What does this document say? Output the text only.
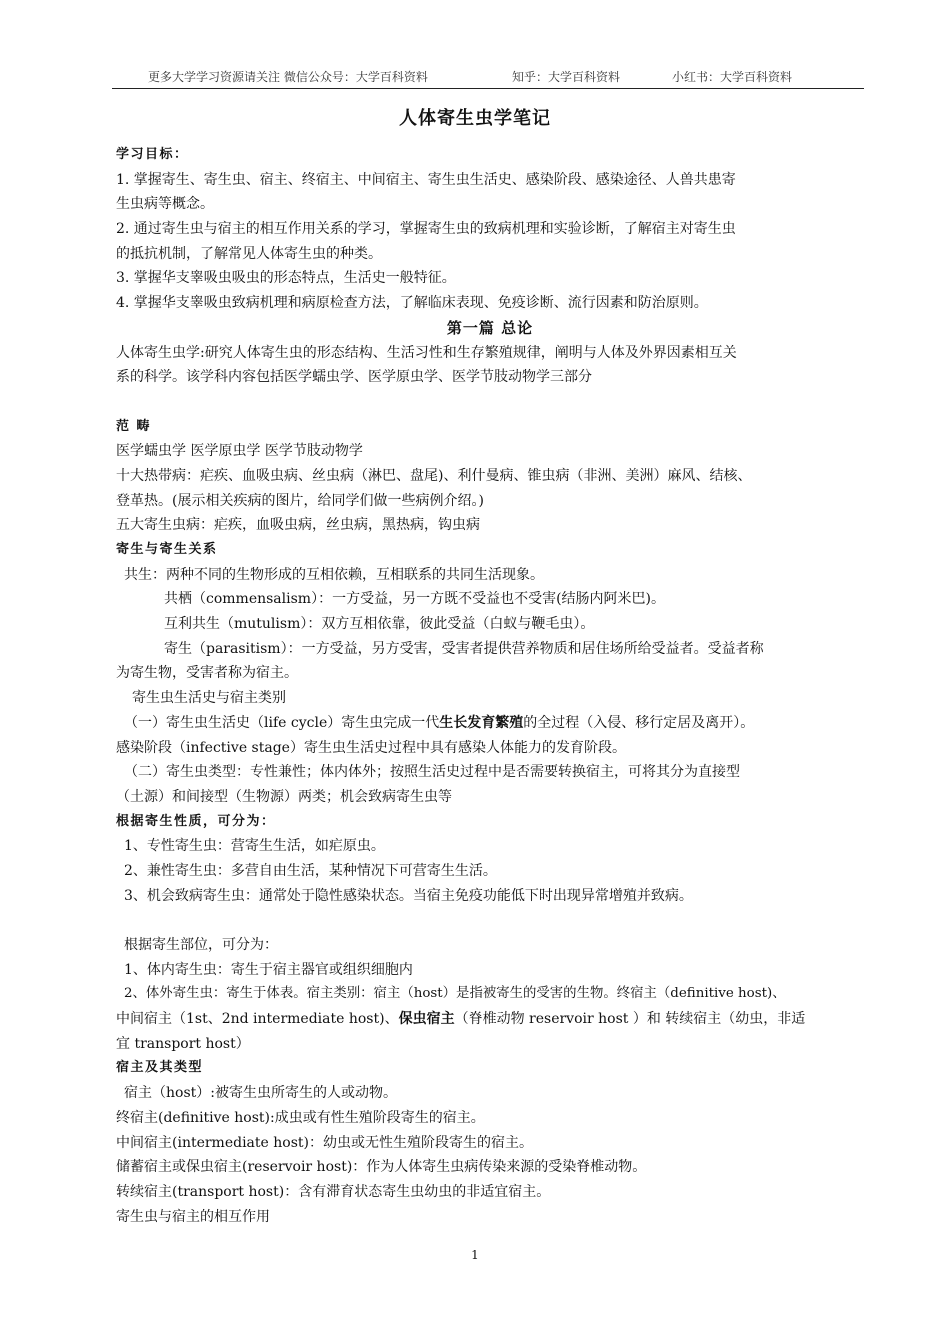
更多大学学习资源请关注 微信公众号：大学百科资料	知乎：大学百科资料	小红书：大学百科资料
人体寄生虫学笔记
学习目标：
1. 掌握寄生、寄生虫、宿主、终宿主、中间宿主、寄生虫生活史、感染阶段、感染途径、人兽共患寄
生虫病等概念。
2. 通过寄生虫与宿主的相互作用关系的学习，掌握寄生虫的致病机理和实验诊断，了解宿主对寄生虫
的抵抗机制，了解常见人体寄生虫的种类。
3. 掌握华支睾吸虫吸虫的形态特点，生活史一般特征。
4. 掌握华支睾吸虫致病机理和病原检查方法，了解临床表现、免疫诊断、流行因素和防治原则。
第一篇 总论
人体寄生虫学:研究人体寄生虫的形态结构、生活习性和生存繁殖规律，阐明与人体及外界因素相互关
系的科学。该学科内容包括医学蠕虫学、医学原虫学、医学节肢动物学三部分
范 畴
医学蠕虫学 医学原虫学 医学节肢动物学
十大热带病：疟疾、血吸虫病、丝虫病（淋巴、盘尾)、利什曼病、锥虫病（非洲、美洲）麻风、结核、
登革热。(展示相关疾病的图片，给同学们做一些病例介绍。)
五大寄生虫病：疟疾，血吸虫病，丝虫病，黑热病，钩虫病
寄生与寄生关系
共生：两种不同的生物形成的互相依赖，互相联系的共同生活现象。
共栖（commensalism）：一方受益，另一方既不受益也不受害(结肠内阿米巴)。
互利共生（mutulism）：双方互相依靠，彼此受益（白蚁与鞭毛虫）。
寄生（parasitism）：一方受益，另方受害，受害者提供营养物质和居住场所给受益者。受益者称
为寄生物，受害者称为宿主。
寄生虫生活史与宿主类别
（一）寄生虫生活史（life cycle）寄生虫完成一代生长发育繁殖的全过程（入侵、移行定居及离开）。
感染阶段（infective stage）寄生虫生活史过程中具有感染人体能力的发育阶段。
（二）寄生虫类型：专性兼性；体内体外；按照生活史过程中是否需要转换宿主，可将其分为直接型
（土源）和间接型（生物源）两类；机会致病寄生虫等
根据寄生性质，可分为：
1、专性寄生虫：营寄生生活，如疟原虫。
2、兼性寄生虫：多营自由生活，某种情况下可营寄生生活。
3、机会致病寄生虫：通常处于隐性感染状态。当宿主免疫功能低下时出现异常增殖并致病。
根据寄生部位，可分为：
1、体内寄生虫：寄生于宿主器官或组织细胞内
2、体外寄生虫：寄生于体表。宿主类别：宿主（host）是指被寄生的受害的生物。终宿主（definitive host)、
中间宿主（1st、2nd intermediate host)、保虫宿主（脊椎动物 reservoir host ）和 转续宿主（幼虫，非适
宜 transport host）
宿主及其类型
宿主（host）:被寄生虫所寄生的人或动物。
终宿主(definitive host):成虫或有性生殖阶段寄生的宿主。
中间宿主(intermediate host)：幼虫或无性生殖阶段寄生的宿主。
储蓄宿主或保虫宿主(reservoir host)：作为人体寄生虫病传染来源的受染脊椎动物。
转续宿主(transport host)：含有滞育状态寄生虫幼虫的非适宜宿主。
寄生虫与宿主的相互作用
1
